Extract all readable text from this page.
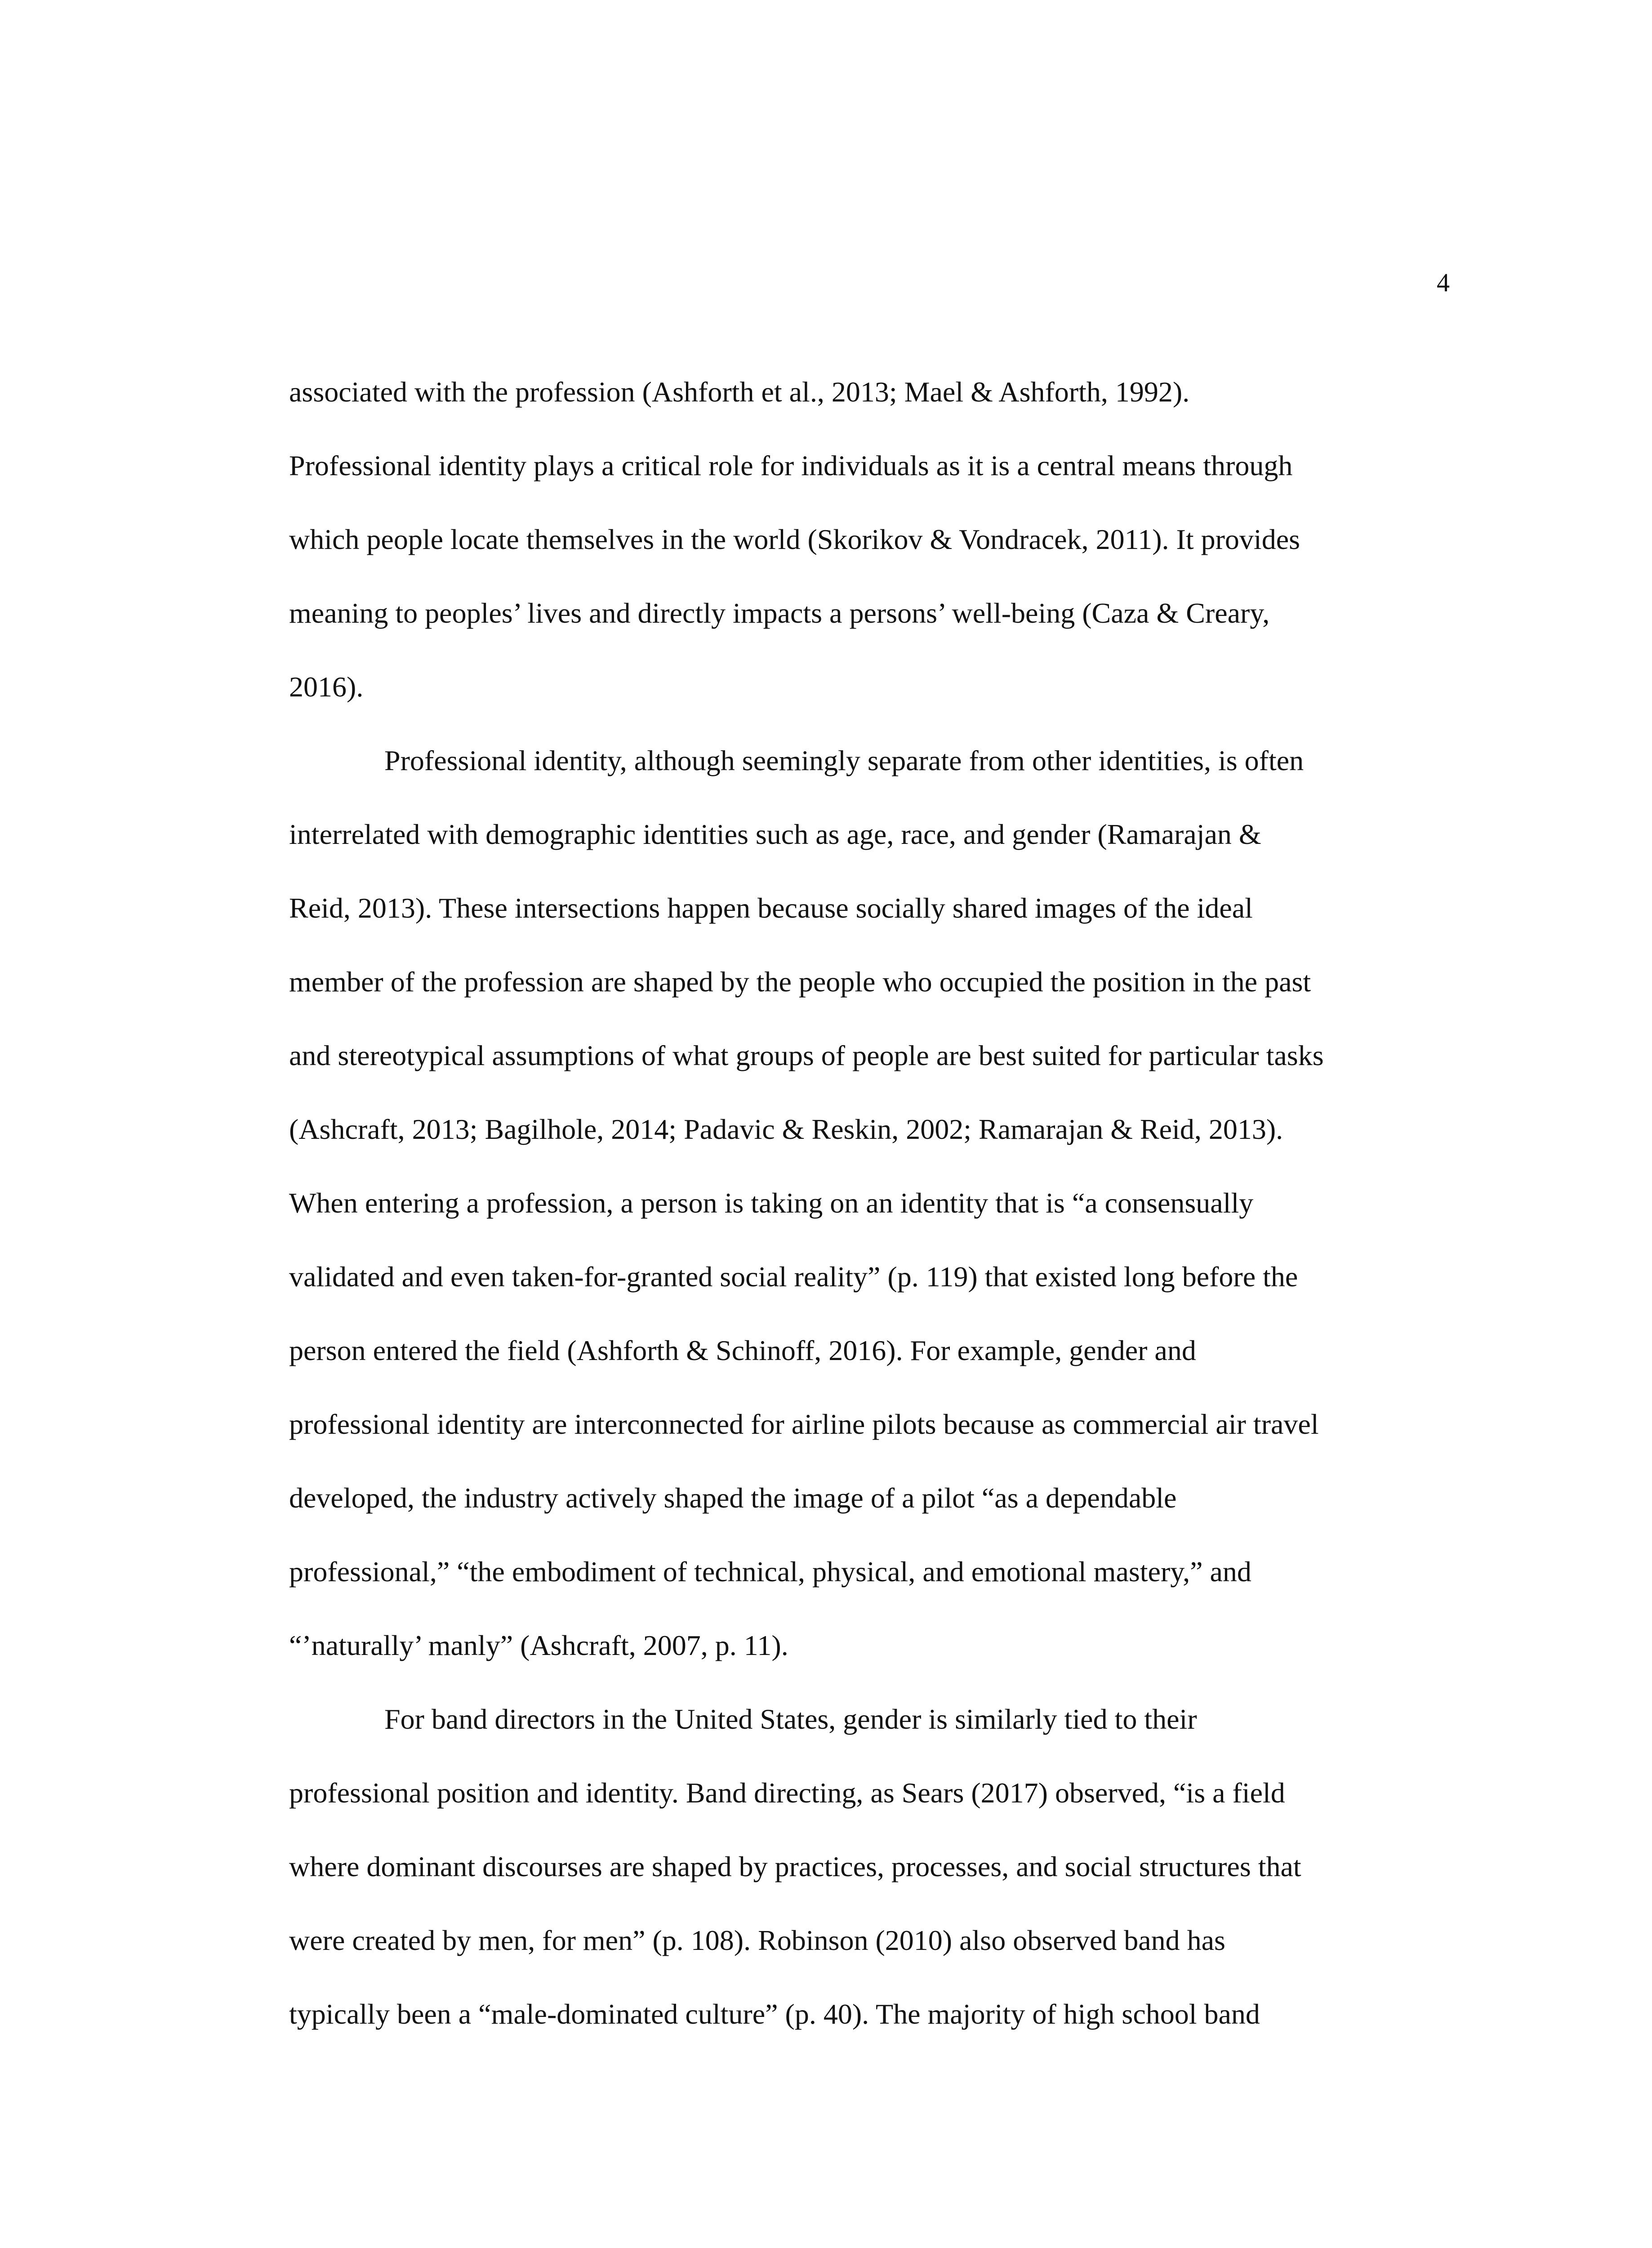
4

associated with the profession (Ashforth et al., 2013; Mael & Ashforth, 1992).

Professional identity plays a critical role for individuals as it is a central means through

which people locate themselves in the world (Skorikov & Vondracek, 2011). It provides

meaning to peoples’ lives and directly impacts a persons’ well-being (Caza & Creary,

2016).

Professional identity, although seemingly separate from other identities, is often

interrelated with demographic identities such as age, race, and gender (Ramarajan &

Reid, 2013). These intersections happen because socially shared images of the ideal

member of the profession are shaped by the people who occupied the position in the past

and stereotypical assumptions of what groups of people are best suited for particular tasks

(Ashcraft, 2013; Bagilhole, 2014; Padavic & Reskin, 2002; Ramarajan & Reid, 2013).

When entering a profession, a person is taking on an identity that is “a consensually

validated and even taken-for-granted social reality” (p. 119) that existed long before the

person entered the field (Ashforth & Schinoff, 2016). For example, gender and

professional identity are interconnected for airline pilots because as commercial air travel

developed, the industry actively shaped the image of a pilot “as a dependable

professional,” “the embodiment of technical, physical, and emotional mastery,” and

“’naturally’ manly” (Ashcraft, 2007, p. 11).

For band directors in the United States, gender is similarly tied to their

professional position and identity. Band directing, as Sears (2017) observed, “is a field

where dominant discourses are shaped by practices, processes, and social structures that

were created by men, for men” (p. 108). Robinson (2010) also observed band has

typically been a “male-dominated culture” (p. 40). The majority of high school band
